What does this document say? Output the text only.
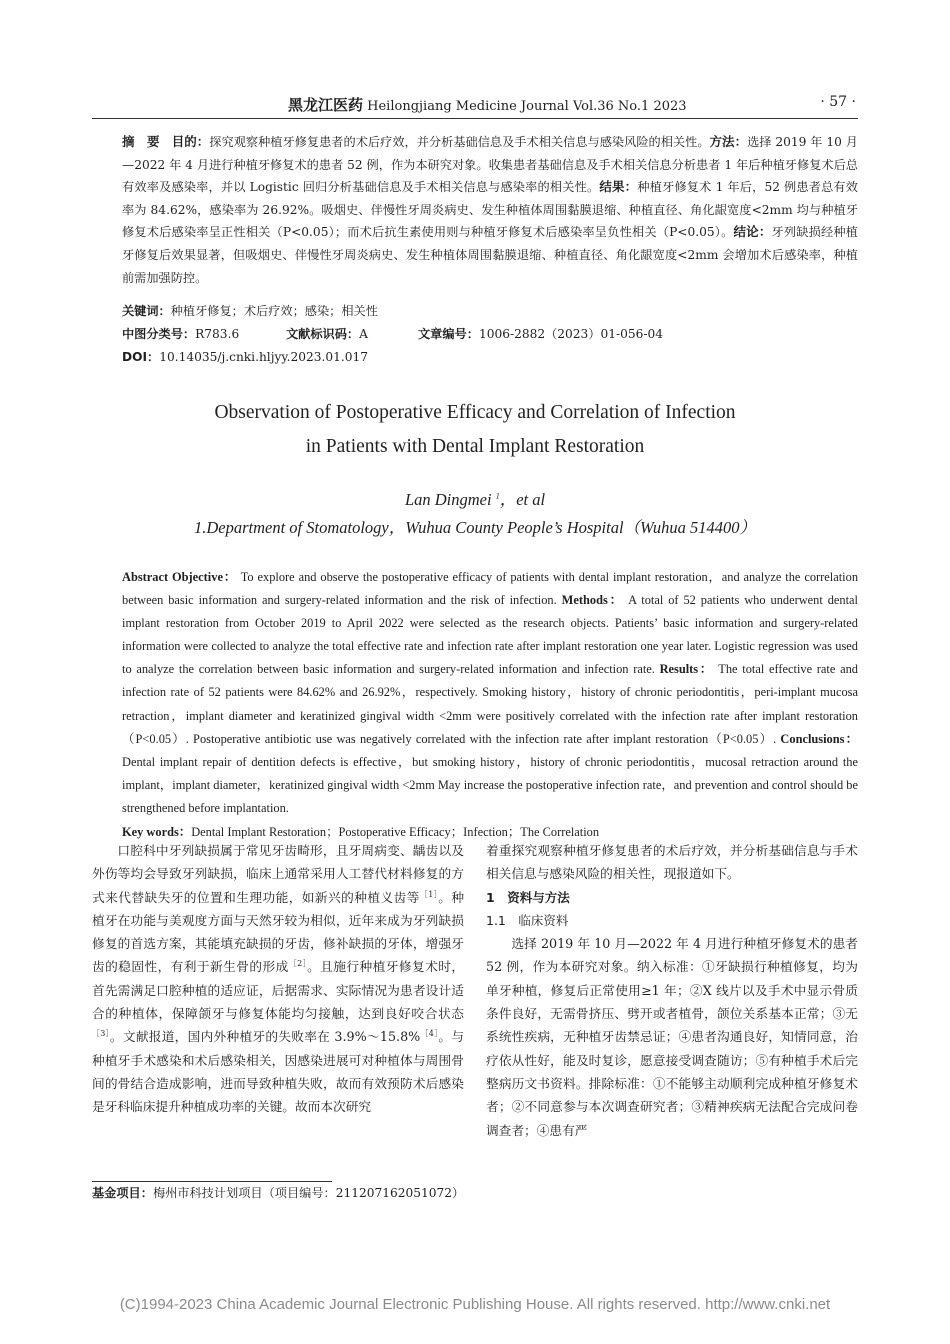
黑龙江医药 Heilongjiang Medicine Journal Vol.36 No.1 2023	· 57 ·
摘　要　 目的：探究观察种植牙修复患者的术后疗效，并分析基础信息及手术相关信息与感染风险的相关性。方法：选择 2019 年 10 月—2022 年 4 月进行种植牙修复术的患者 52 例，作为本研究对象。收集患者基础信息及手术相关信息分析患者 1 年后种植牙修复术后总有效率及感染率，并以 Logistic 回归分析基础信息及手术相关信息与感染率的相关性。结果：种植牙修复术 1 年后，52 例患者总有效率为 84.62%，感染率为 26.92%。吸烟史、伴慢性牙周炎病史、发生种植体周围黏膜退缩、种植直径、角化龈宽度<2mm 均与种植牙修复术后感染率呈正性相关（P<0.05）；而术后抗生素使用则与种植牙修复术后感染率呈负性相关（P<0.05）。结论：牙列缺损经种植牙修复后效果显著，但吸烟史、伴慢性牙周炎病史、发生种植体周围黏膜退缩、种植直径、角化龈宽度<2mm 会增加术后感染率，种植前需加强防控。
关键词：种植牙修复；术后疗效；感染；相关性
中图分类号：R783.6	文献标识码：A	文章编号：1006-2882（2023）01-056-04
DOI：10.14035/j.cnki.hljyy.2023.01.017
Observation of Postoperative Efficacy and Correlation of Infection
in Patients with Dental Implant Restoration
Lan Dingmei $^1$，et al
1.Department of Stomatology，Wuhua County People’s Hospital（Wuhua 514400）
Abstract Objective： To explore and observe the postoperative efficacy of patients with dental implant restoration，and analyze the correlation between basic information and surgery-related information and the risk of infection. Methods： A total of 52 patients who underwent dental implant restoration from October 2019 to April 2022 were selected as the research objects. Patients’ basic information and surgery-related information were collected to analyze the total effective rate and infection rate after implant restoration one year later. Logistic regression was used to analyze the correlation between basic information and surgery-related information and infection rate. Results： The total effective rate and infection rate of 52 patients were 84.62% and 26.92%，respectively. Smoking history，history of chronic periodontitis，peri-implant mucosa retraction，implant diameter and keratinized gingival width <2mm were positively correlated with the infection rate after implant restoration（P<0.05）. Postoperative antibiotic use was negatively correlated with the infection rate after implant restoration（P<0.05）. Conclusions： Dental implant repair of dentition defects is effective，but smoking history，history of chronic periodontitis，mucosal retraction around the implant，implant diameter，keratinized gingival width <2mm May increase the postoperative infection rate，and prevention and control should be strengthened before implantation.
Key words：Dental Implant Restoration；Postoperative Efficacy；Infection；The Correlation

口腔科中牙列缺损属于常见牙齿畸形，且牙周病变、龋齿以及外伤等均会导致牙列缺损，临床上通常采用人工替代材料修复的方式来代替缺失牙的位置和生理功能，如新兴的种植义齿等$^{[1]}$。种植牙在功能与美观度方面与天然牙较为相似，近年来成为牙列缺损修复的首选方案，其能填充缺损的牙齿，修补缺损的牙体，增强牙齿的稳固性，有利于新生骨的形成$^{[2]}$。且施行种植牙修复术时，首先需满足口腔种植的适应证，后据需求、实际情况为患者设计适合的种植体，保障颌牙与修复体能均匀接触，达到良好咬合状态$^{[3]}$。文献报道，国内外种植牙的失败率在 3.9%～15.8%$^{[4]}$。与种植牙手术感染和术后感染相关，因感染进展可对种植体与周围骨间的骨结合造成影响，进而导致种植失败，故而有效预防术后感染是牙科临床提升种植成功率的关键。故而本次研究

着重探究观察种植牙修复患者的术后疗效，并分析基础信息与手术相关信息与感染风险的相关性，现报道如下。

1　资料与方法

1.1　临床资料

选择 2019 年 10 月—2022 年 4 月进行种植牙修复术的患者 52 例，作为本研究对象。纳入标准：①牙缺损行种植修复，均为单牙种植，修复后正常使用≥1 年；②X 线片以及手术中显示骨质条件良好，无需骨挤压、劈开或者植骨，颌位关系基本正常；③无系统性疾病，无种植牙齿禁忌证；④患者沟通良好，知情同意，治疗依从性好，能及时复诊，愿意接受调查随访；⑤有种植手术后完整病历文书资料。排除标准：①不能够主动顺利完成种植牙修复术者；②不同意参与本次调查研究者；③精神疾病无法配合完成问卷调查者；④患有严

基金项目：梅州市科技计划项目（项目编号：211207162051072）
(C)1994-2023 China Academic Journal Electronic Publishing House. All rights reserved. http://www.cnki.net
